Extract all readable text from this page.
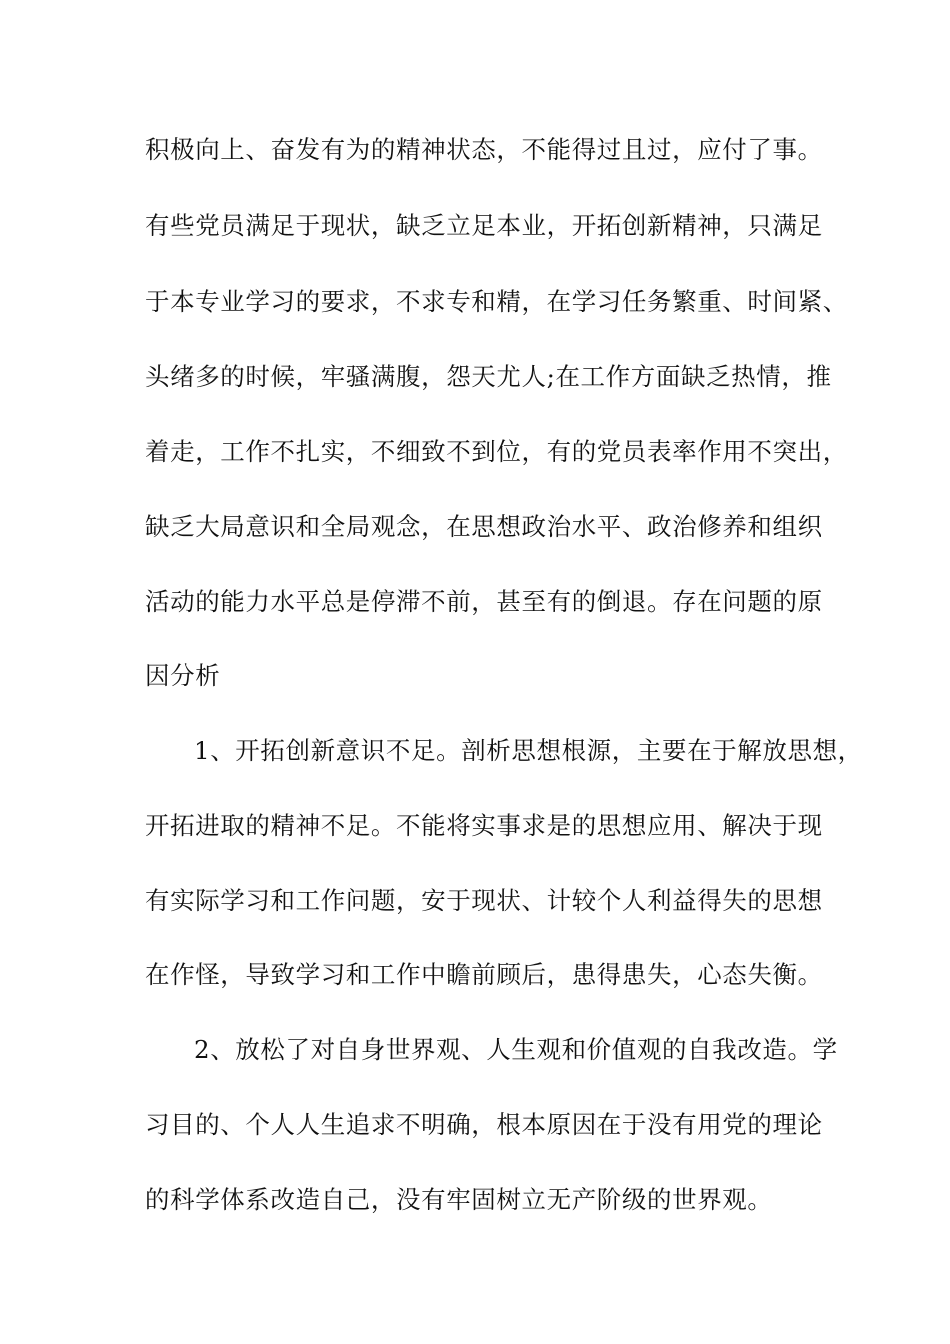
积极向上、奋发有为的精神状态，不能得过且过，应付了事。
有些党员满足于现状，缺乏立足本业，开拓创新精神，只满足
于本专业学习的要求，不求专和精，在学习任务繁重、时间紧、
头绪多的时候，牢骚满腹，怨天尤人;在工作方面缺乏热情，推
着走，工作不扎实，不细致不到位，有的党员表率作用不突出，
缺乏大局意识和全局观念，在思想政治水平、政治修养和组织
活动的能力水平总是停滞不前，甚至有的倒退。存在问题的原
因分析
1、开拓创新意识不足。剖析思想根源，主要在于解放思想，
开拓进取的精神不足。不能将实事求是的思想应用、解决于现
有实际学习和工作问题，安于现状、计较个人利益得失的思想
在作怪，导致学习和工作中瞻前顾后，患得患失，心态失衡。
2、放松了对自身世界观、人生观和价值观的自我改造。学
习目的、个人人生追求不明确，根本原因在于没有用党的理论
的科学体系改造自己，没有牢固树立无产阶级的世界观。
